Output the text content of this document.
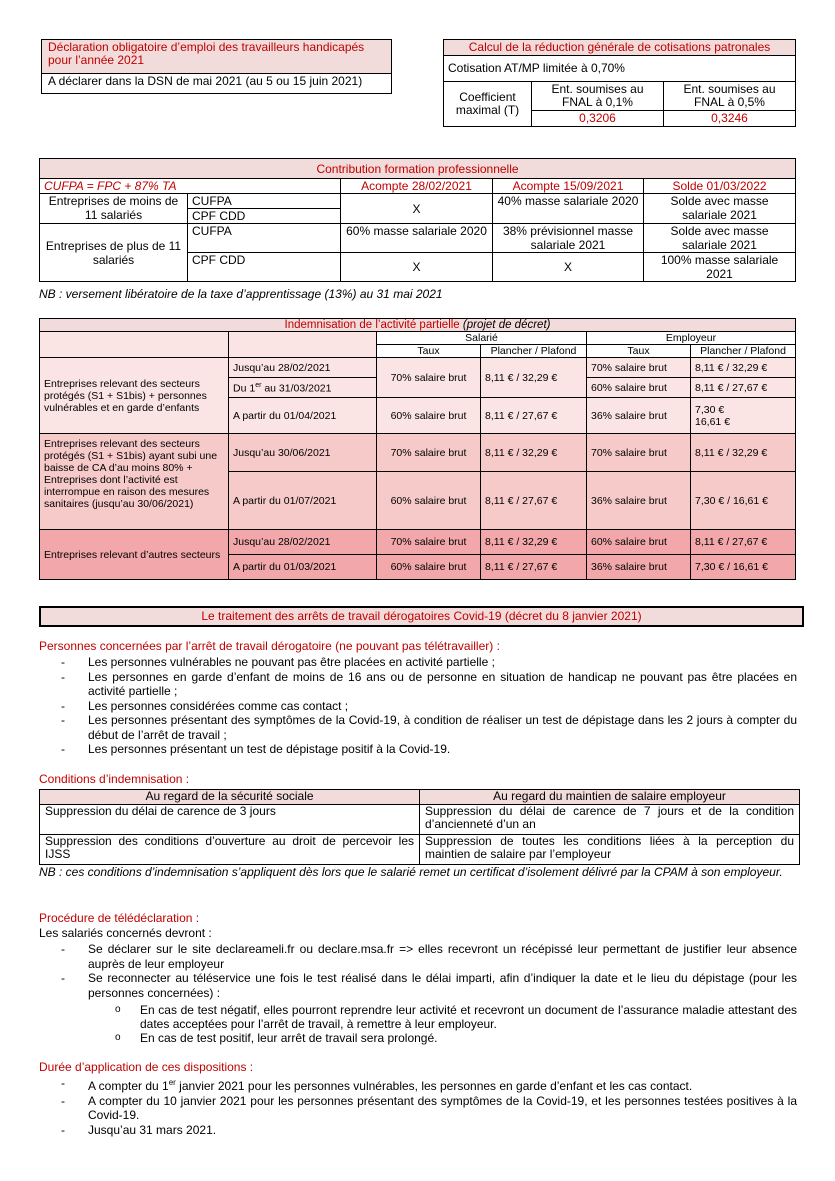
Déclaration obligatoire d’emploi des travailleurs handicapés pour l’année 2021
A déclarer dans la DSN de mai 2021 (au 5 ou 15 juin 2021)
Calcul de la réduction générale de cotisations patronales		
Cotisation AT/MP limitée à 0,70%		
Coefficient maximal (T)	Ent. soumises au FNAL à 0,1%	Ent. soumises au FNAL à 0,5%
	0,3206	0,3246
Contribution formation professionnelle				
CUFPA = FPC + 87% TA		Acompte 28/02/2021	Acompte 15/09/2021	Solde 01/03/2022
Entreprises de moins de 11 salariés	CUFPA	X	40% masse salariale 2020	Solde avec masse salariale 2021
	CPF CDD			
Entreprises de plus de 11 salariés	CUFPA	60% masse salariale 2020	38% prévisionnel masse salariale 2021	Solde avec masse salariale 2021
	CPF CDD	X	X	100% masse salariale 2021
NB : versement libératoire de la taxe d’apprentissage (13%) au 31 mai 2021
Indemnisation de l’activité partielle (projet de décret)					
		Salarié		Employeur	
		Taux	Plancher / Plafond	Taux	Plancher / Plafond
Entreprises relevant des secteurs protégés (S1 + S1bis) + personnes vulnérables et en garde d’enfants	Jusqu’au 28/02/2021	70% salaire brut	8,11 € / 32,29 €	70% salaire brut	8,11 € / 32,29 €
	Du 1er au 31/03/2021			60% salaire brut	8,11 € / 27,67 €
	A partir du 01/04/2021	60% salaire brut	8,11 € / 27,67 €	36% salaire brut	7,30 €
16,61 €

Entreprises relevant des secteurs protégés (S1 + S1bis) ayant subi une baisse de CA d’au moins 80% + Entreprises dont l’activité est interrompue en raison des mesures sanitaires (jusqu’au 30/06/2021)	Jusqu’au 30/06/2021	70% salaire brut	8,11 € / 32,29 €	70% salaire brut	8,11 € / 32,29 €
	A partir du 01/07/2021	60% salaire brut	8,11 € / 27,67 €	36% salaire brut	7,30 € / 16,61 €
Entreprises relevant d’autres secteurs	Jusqu’au 28/02/2021	70% salaire brut	8,11 € / 32,29 €	60% salaire brut	8,11 € / 27,67 €
	A partir du 01/03/2021	60% salaire brut	8,11 € / 27,67 €	36% salaire brut	7,30 € / 16,61 €
Le traitement des arrêts de travail dérogatoires Covid-19 (décret du 8 janvier 2021)
Personnes concernées par l’arrêt de travail dérogatoire (ne pouvant pas télétravailler) :
- Les personnes vulnérables ne pouvant pas être placées en activité partielle ;
- Les personnes en garde d’enfant de moins de 16 ans ou de personne en situation de handicap ne pouvant pas être placées en activité partielle ;
- Les personnes considérées comme cas contact ;
- Les personnes présentant des symptômes de la Covid-19, à condition de réaliser un test de dépistage dans les 2 jours à compter du début de l’arrêt de travail ;
- Les personnes présentant un test de dépistage positif à la Covid-19.
Conditions d’indemnisation :
Au regard de la sécurité sociale	Au regard du maintien de salaire employeur
Suppression du délai de carence de 3 jours	Suppression du délai de carence de 7 jours et de la condition d’ancienneté d’un an
Suppression des conditions d’ouverture au droit de percevoir les IJSS	Suppression de toutes les conditions liées à la perception du maintien de salaire par l’employeur
NB : ces conditions d’indemnisation s’appliquent dès lors que le salarié remet un certificat d’isolement délivré par la CPAM à son employeur.
Procédure de télédéclaration :
Les salariés concernés devront :
- Se déclarer sur le site declareameli.fr ou declare.msa.fr => elles recevront un récépissé leur permettant de justifier leur absence auprès de leur employeur
- Se reconnecter au téléservice une fois le test réalisé dans le délai imparti, afin d’indiquer la date et le lieu du dépistage (pour les personnes concernées) :
o En cas de test négatif, elles pourront reprendre leur activité et recevront un document de l’assurance maladie attestant des dates acceptées pour l’arrêt de travail, à remettre à leur employeur.
o En cas de test positif, leur arrêt de travail sera prolongé.
Durée d’application de ces dispositions :
- A compter du 1er janvier 2021 pour les personnes vulnérables, les personnes en garde d’enfant et les cas contact.
- A compter du 10 janvier 2021 pour les personnes présentant des symptômes de la Covid-19, et les personnes testées positives à la Covid-19.
- Jusqu’au 31 mars 2021.
